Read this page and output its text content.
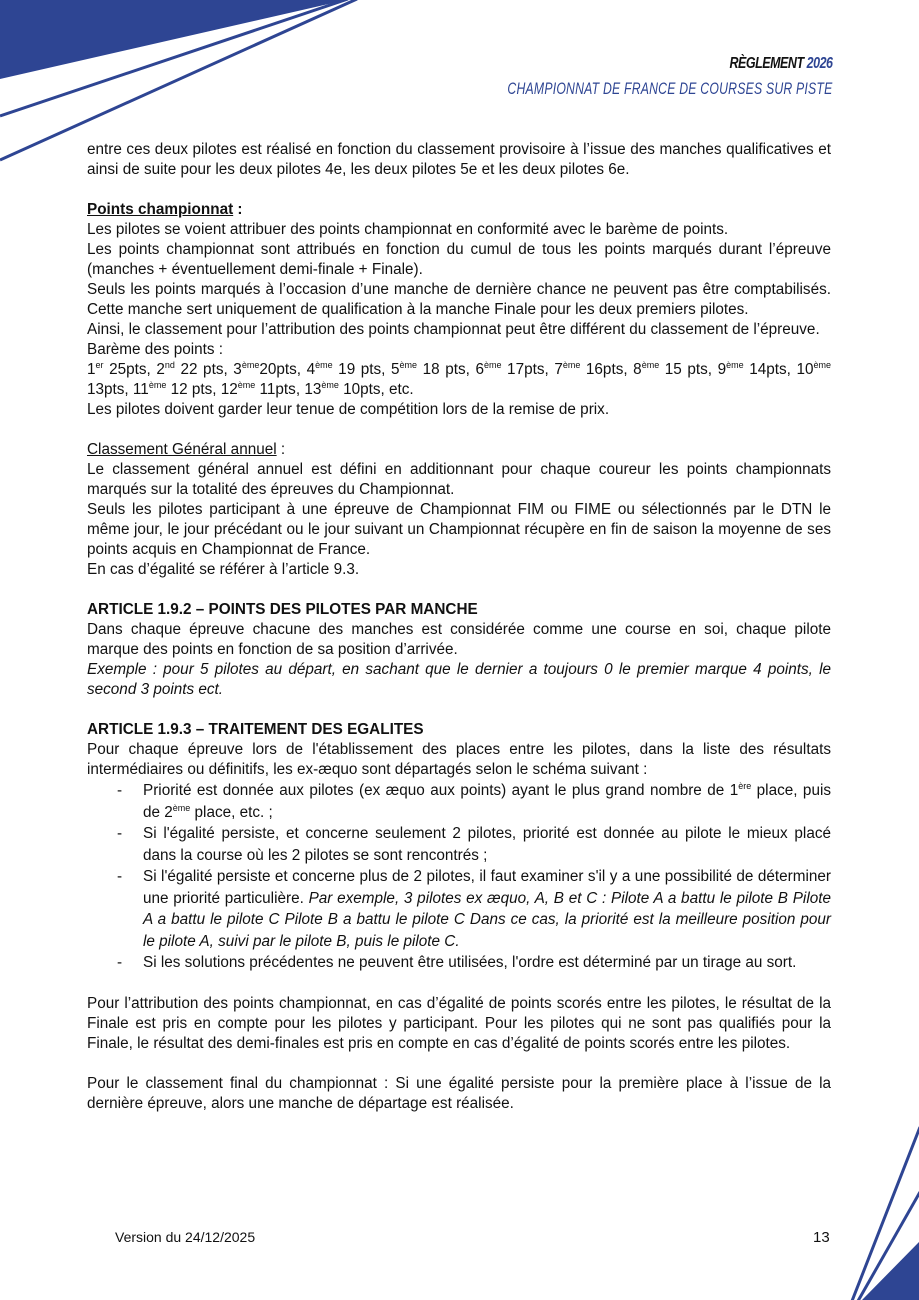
RÈGLEMENT 2026
CHAMPIONNAT DE FRANCE DE COURSES SUR PISTE

entre ces deux pilotes est réalisé en fonction du classement provisoire à l’issue des manches qualificatives et ainsi de suite pour les deux pilotes 4e, les deux pilotes 5e et les deux pilotes 6e.

Points championnat :

Les pilotes se voient attribuer des points championnat en conformité avec le barème de points.

Les points championnat sont attribués en fonction du cumul de tous les points marqués durant l’épreuve (manches + éventuellement demi-finale + Finale).

Seuls les points marqués à l’occasion d’une manche de dernière chance ne peuvent pas être comptabilisés. Cette manche sert uniquement de qualification à la manche Finale pour les deux premiers pilotes.

Ainsi, le classement pour l’attribution des points championnat peut être différent du classement de l’épreuve.

Barème des points :

1er 25pts, 2nd 22 pts, 3ème20pts, 4ème 19 pts, 5ème 18 pts, 6ème 17pts, 7ème 16pts, 8ème 15 pts, 9ème 14pts, 10ème 13pts, 11ème 12 pts, 12ème 11pts, 13ème 10pts, etc.

Les pilotes doivent garder leur tenue de compétition lors de la remise de prix.

Classement Général annuel :

Le classement général annuel est défini en additionnant pour chaque coureur les points championnats marqués sur la totalité des épreuves du Championnat.

Seuls les pilotes participant à une épreuve de Championnat FIM ou FIME ou sélectionnés par le DTN le même jour, le jour précédant ou le jour suivant un Championnat récupère en fin de saison la moyenne de ses points acquis en Championnat de France.

En cas d’égalité se référer à l’article 9.3.

ARTICLE 1.9.2 – POINTS DES PILOTES PAR MANCHE

Dans chaque épreuve chacune des manches est considérée comme une course en soi, chaque pilote marque des points en fonction de sa position d’arrivée.

Exemple : pour 5 pilotes au départ, en sachant que le dernier a toujours 0 le premier marque 4 points, le second 3 points ect.

ARTICLE 1.9.3 – TRAITEMENT DES EGALITES

Pour chaque épreuve lors de l'établissement des places entre les pilotes, dans la liste des résultats intermédiaires ou définitifs, les ex-æquo sont départagés selon le schéma suivant :

- Priorité est donnée aux pilotes (ex æquo aux points) ayant le plus grand nombre de 1ère place, puis de 2ème place, etc. ;
- Si l'égalité persiste, et concerne seulement 2 pilotes, priorité est donnée au pilote le mieux placé dans la course où les 2 pilotes se sont rencontrés ;
- Si l'égalité persiste et concerne plus de 2 pilotes, il faut examiner s'il y a une possibilité de déterminer une priorité particulière. Par exemple, 3 pilotes ex æquo, A, B et C : Pilote A a battu le pilote B Pilote A a battu le pilote C Pilote B a battu le pilote C Dans ce cas, la priorité est la meilleure position pour le pilote A, suivi par le pilote B, puis le pilote C.
- Si les solutions précédentes ne peuvent être utilisées, l'ordre est déterminé par un tirage au sort.

Pour l’attribution des points championnat, en cas d’égalité de points scorés entre les pilotes, le résultat de la Finale est pris en compte pour les pilotes y participant. Pour les pilotes qui ne sont pas qualifiés pour la Finale, le résultat des demi-finales est pris en compte en cas d’égalité de points scorés entre les pilotes.

Pour le classement final du championnat : Si une égalité persiste pour la première place à l’issue de la dernière épreuve, alors une manche de départage est réalisée.

Version du 24/12/2025	13
